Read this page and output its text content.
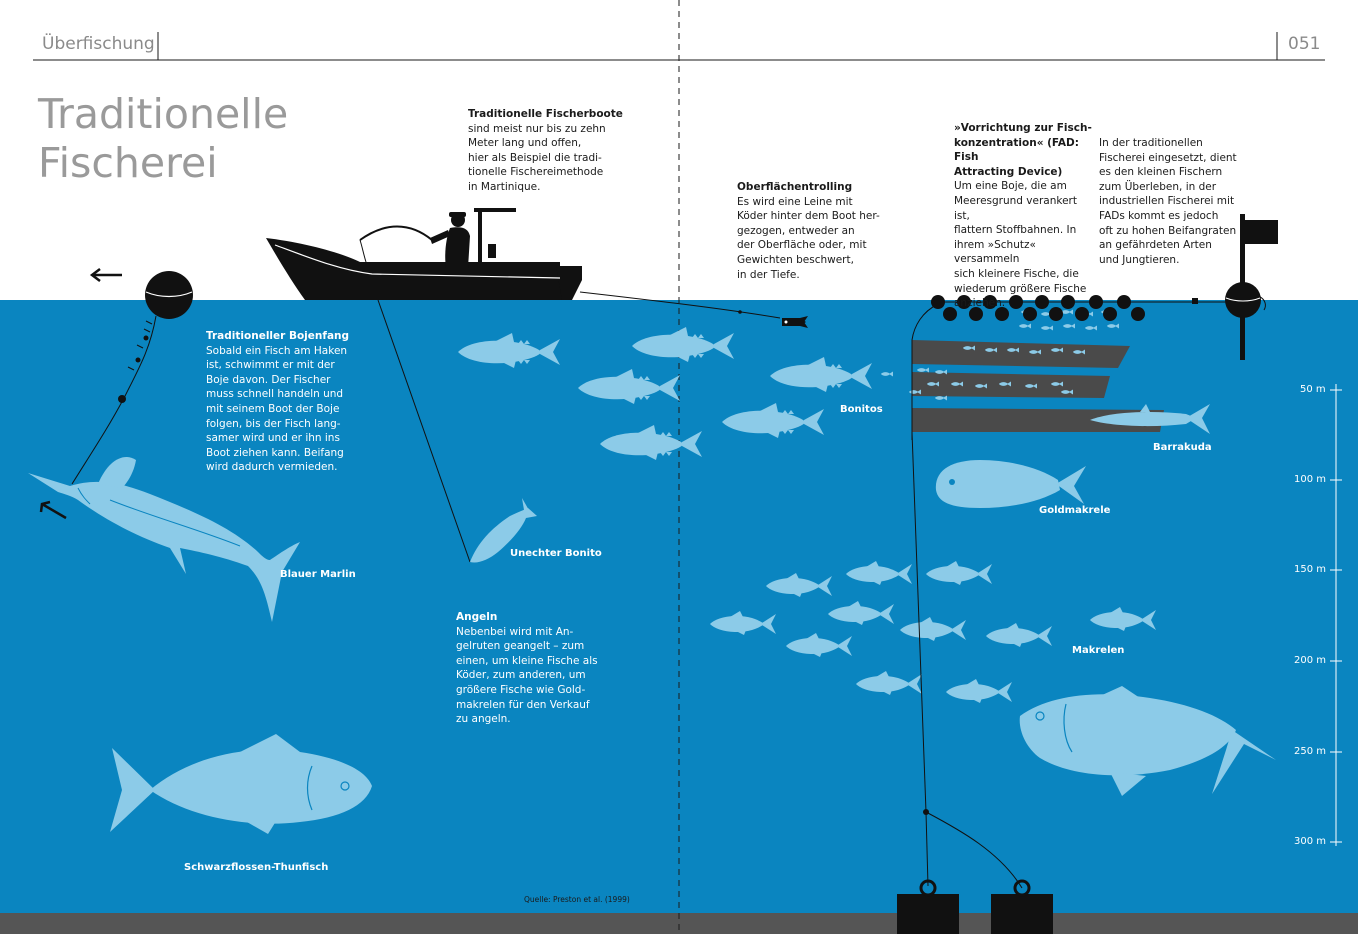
Überfischung	051
Traditionelle
Fischerei
Traditionelle Fischerboote
sind meist nur bis zu zehn
Meter lang und offen,
hier als Beispiel die tradi-
tionelle Fischereimethode
in Martinique.	Oberflächentrolling
Es wird eine Leine mit
Köder hinter dem Boot her-
gezogen, entweder an
der Oberfläche oder, mit
Gewichten beschwert,
in der Tiefe.
»Vorrichtung zur Fisch-
konzentration« (FAD: Fish
Attracting Device)
Um eine Boje, die am
Meeresgrund verankert ist,
flattern Stoffbahnen. In
ihrem »Schutz« versammeln
sich kleinere Fische, die
wiederum größere Fische
anziehen.
In der traditionellen
Fischerei eingesetzt, dient
es den kleinen Fischern
zum Überleben, in der
industriellen Fischerei mit
FADs kommt es jedoch
oft zu hohen Beifangraten
an gefährdeten Arten
und Jungtieren.
Traditioneller Bojenfang
Sobald ein Fisch am Haken
ist, schwimmt er mit der
Boje davon. Der Fischer
muss schnell handeln und
mit seinem Boot der Boje
folgen, bis der Fisch lang-
samer wird und er ihn ins
Boot ziehen kann. Beifang
wird dadurch vermieden.
Angeln
Nebenbei wird mit An-
gelruten geangelt – zum
einen, um kleine Fische als
Köder, zum anderen, um
größere Fische wie Gold-
makrelen für den Verkauf
zu angeln.
Blauer Marlin
Unechter Bonito
Schwarzflossen-Thunfisch
Bonitos
Barrakuda
Goldmakrele
Makrelen
50 m
100 m
150 m
200 m
250 m
300 m
Quelle: Preston et al. (1999)
